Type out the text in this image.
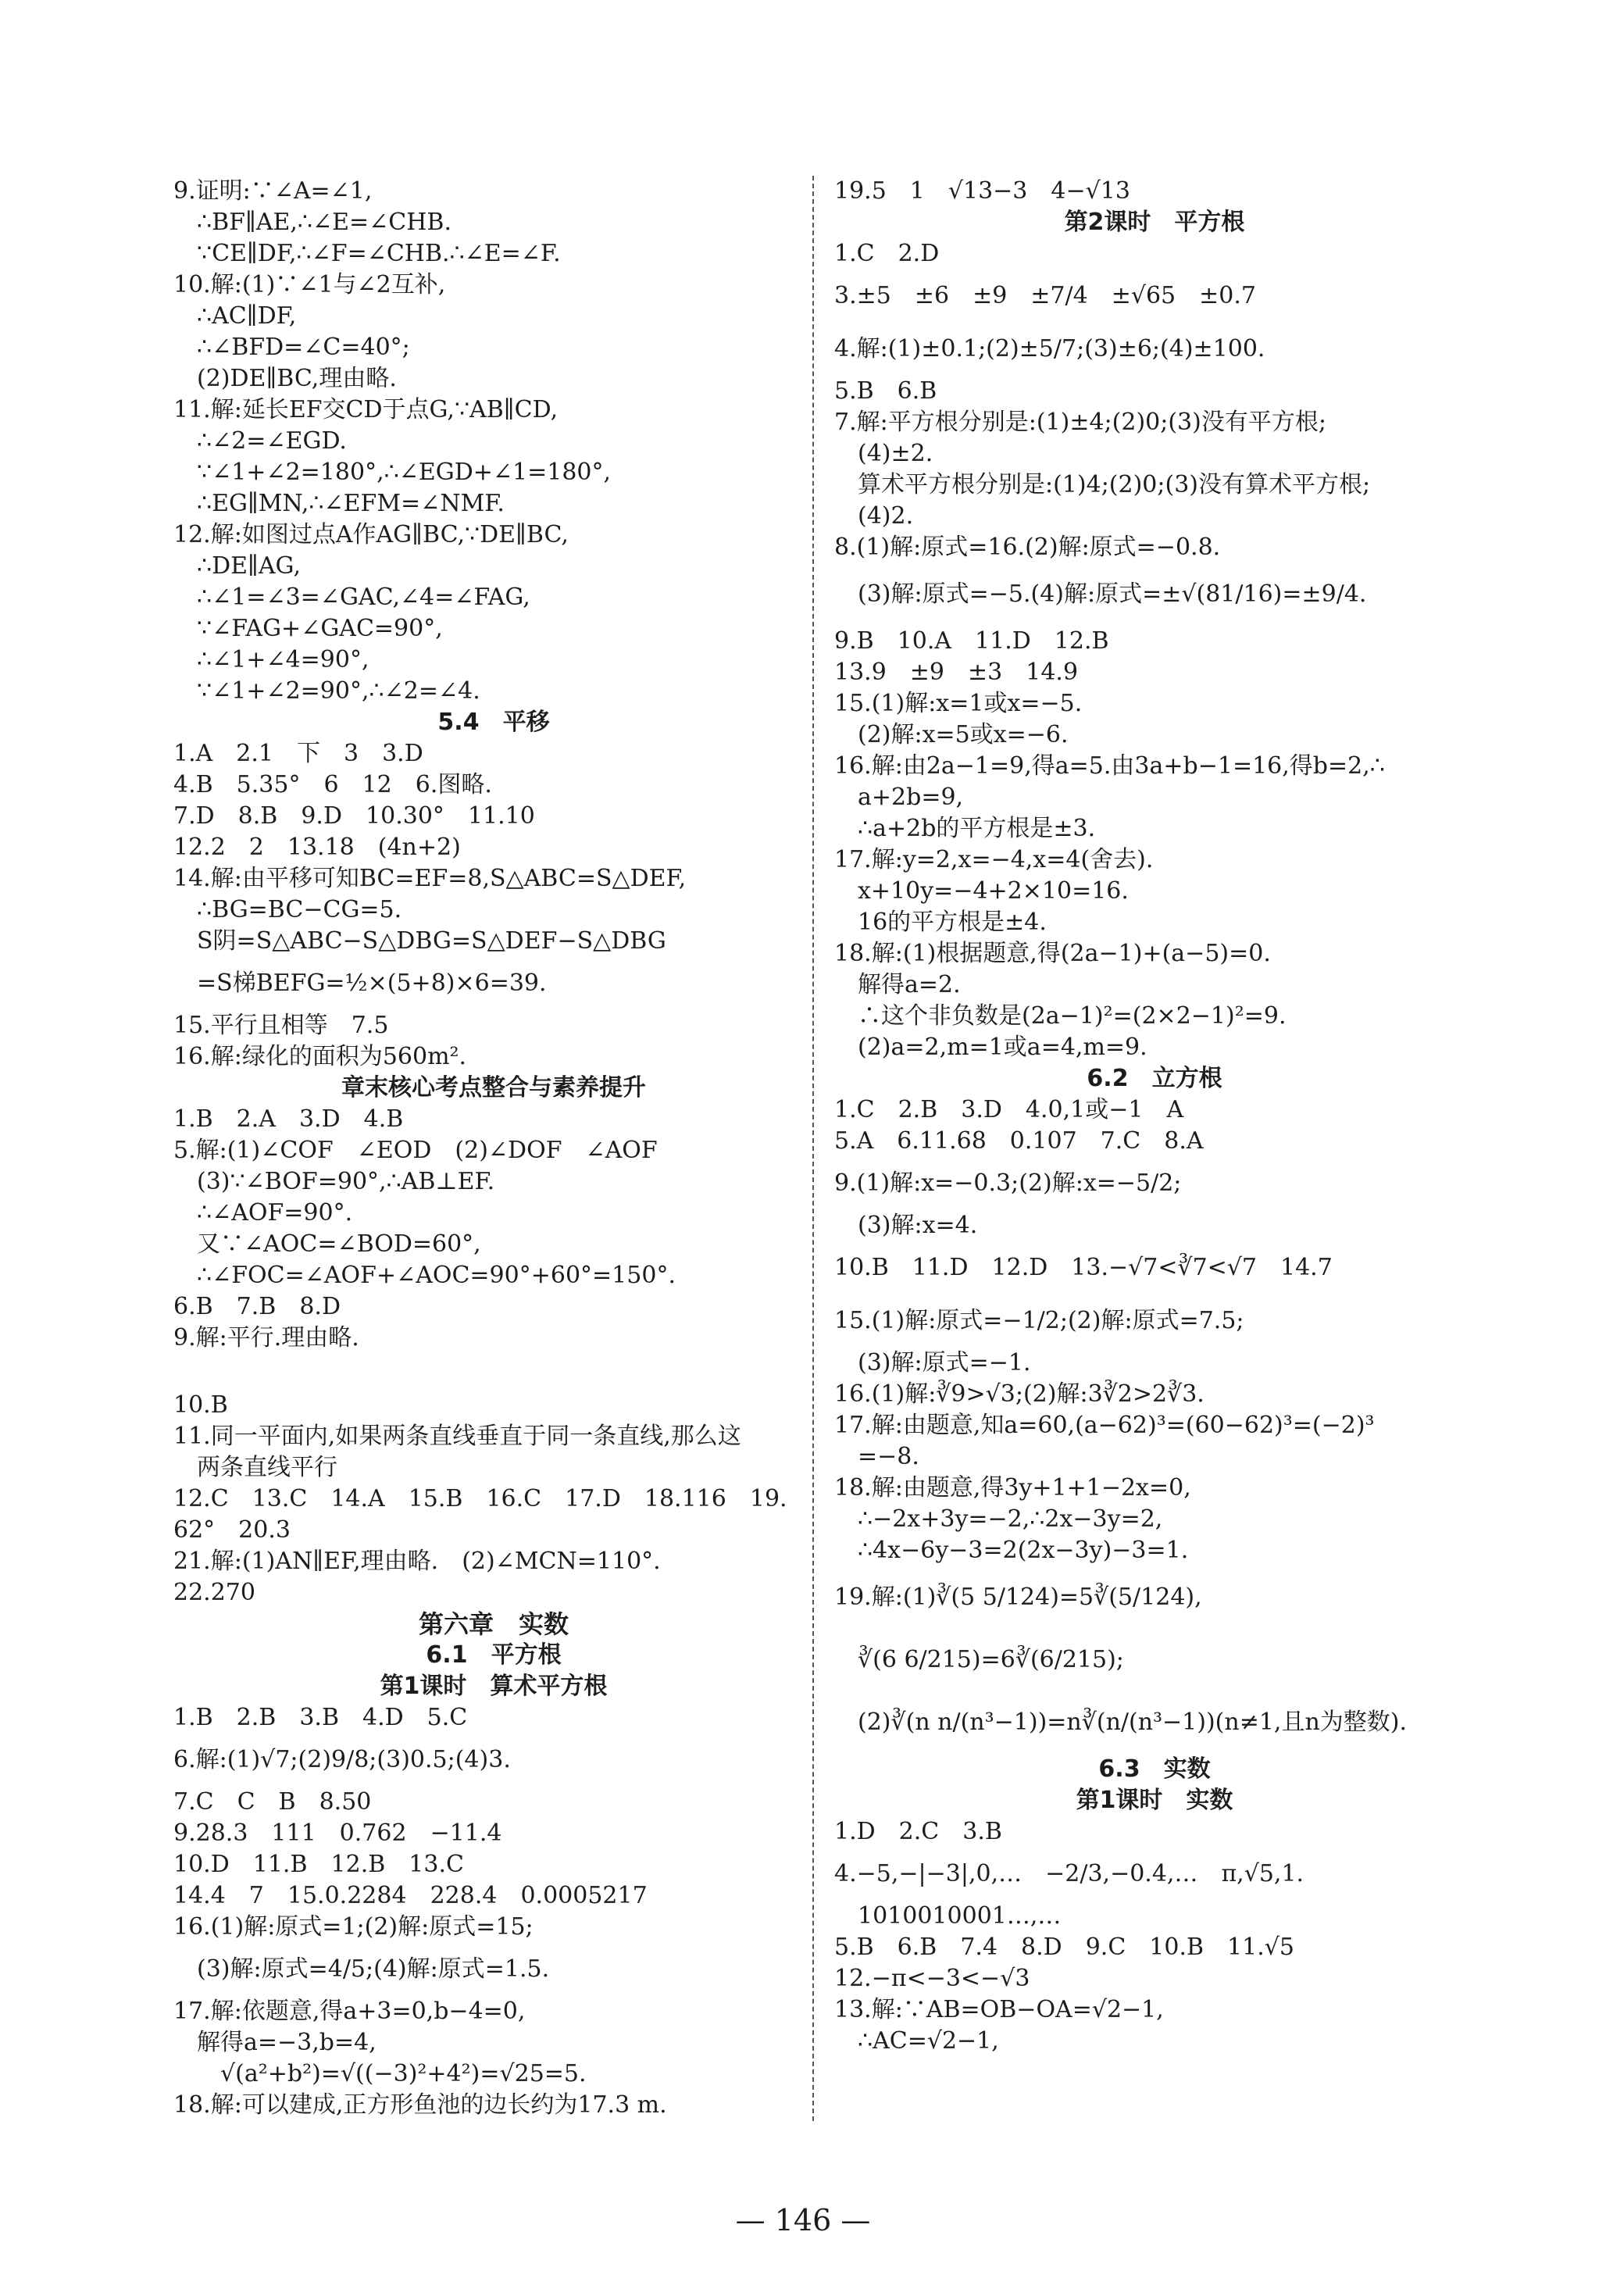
9.证明:∵∠A=∠1,
∴BF∥AE,∴∠E=∠CHB.
∵CE∥DF,∴∠F=∠CHB.∴∠E=∠F.
10.解:(1)∵∠1与∠2互补,
∴AC∥DF,
∴∠BFD=∠C=40°;
(2)DE∥BC,理由略.
11.解:延长EF交CD于点G,∵AB∥CD,
∴∠2=∠EGD.
∵∠1+∠2=180°,∴∠EGD+∠1=180°,
∴EG∥MN,∴∠EFM=∠NMF.
12.解:如图过点A作AG∥BC,∵DE∥BC,
∴DE∥AG,
∴∠1=∠3=∠GAC,∠4=∠FAG,
∵∠FAG+∠GAC=90°,
∴∠1+∠4=90°,
∵∠1+∠2=90°,∴∠2=∠4.
5.4　平移
1.A　2.1　下　3　3.D
4.B　5.35°　6　12　6.图略.
7.D　8.B　9.D　10.30°　11.10
12.2　2　13.18　(4n+2)
14.解:由平移可知BC=EF=8,S△ABC=S△DEF,
∴BG=BC−CG=5.
S阴=S△ABC−S△DBG=S△DEF−S△DBG
=S梯BEFG=½×(5+8)×6=39.
15.平行且相等　7.5
16.解:绿化的面积为560m².
章末核心考点整合与素养提升
1.B　2.A　3.D　4.B
5.解:(1)∠COF　∠EOD　(2)∠DOF　∠AOF
(3)∵∠BOF=90°,∴AB⊥EF.
∴∠AOF=90°.
又∵∠AOC=∠BOD=60°,
∴∠FOC=∠AOF+∠AOC=90°+60°=150°.
6.B　7.B　8.D
9.解:平行.理由略.
10.B
11.同一平面内,如果两条直线垂直于同一条直线,那么这
两条直线平行
12.C　13.C　14.A　15.B　16.C　17.D　18.116　19.
62°　20.3
21.解:(1)AN∥EF,理由略.　(2)∠MCN=110°.
22.270
第六章　实数
6.1　平方根
第1课时　算术平方根
1.B　2.B　3.B　4.D　5.C
6.解:(1)√7;(2)9/8;(3)0.5;(4)3.
7.C　C　B　8.50
9.28.3　111　0.762　−11.4
10.D　11.B　12.B　13.C
14.4　7　15.0.2284　228.4　0.0005217
16.(1)解:原式=1;(2)解:原式=15;
(3)解:原式=4/5;(4)解:原式=1.5.
17.解:依题意,得a+3=0,b−4=0,
解得a=−3,b=4,
√(a²+b²)=√((−3)²+4²)=√25=5.
18.解:可以建成,正方形鱼池的边长约为17.3 m.
19.5　1　√13−3　4−√13
第2课时　平方根
1.C　2.D
3.±5　±6　±9　±7/4　±√65　±0.7
4.解:(1)±0.1;(2)±5/7;(3)±6;(4)±100.
5.B　6.B
7.解:平方根分别是:(1)±4;(2)0;(3)没有平方根;
(4)±2.
算术平方根分别是:(1)4;(2)0;(3)没有算术平方根;
(4)2.
8.(1)解:原式=16.(2)解:原式=−0.8.
(3)解:原式=−5.(4)解:原式=±√(81/16)=±9/4.
9.B　10.A　11.D　12.B
13.9　±9　±3　14.9
15.(1)解:x=1或x=−5.
(2)解:x=5或x=−6.
16.解:由2a−1=9,得a=5.由3a+b−1=16,得b=2,∴
a+2b=9,
∴a+2b的平方根是±3.
17.解:y=2,x=−4,x=4(舍去).
x+10y=−4+2×10=16.
16的平方根是±4.
18.解:(1)根据题意,得(2a−1)+(a−5)=0.
解得a=2.
∴这个非负数是(2a−1)²=(2×2−1)²=9.
(2)a=2,m=1或a=4,m=9.
6.2　立方根
1.C　2.B　3.D　4.0,1或−1　A
5.A　6.11.68　0.107　7.C　8.A
9.(1)解:x=−0.3;(2)解:x=−5/2;
(3)解:x=4.
10.B　11.D　12.D　13.−√7<∛7<√7　14.7
15.(1)解:原式=−1/2;(2)解:原式=7.5;
(3)解:原式=−1.
16.(1)解:∛9>√3;(2)解:3∛2>2∛3.
17.解:由题意,知a=60,(a−62)³=(60−62)³=(−2)³
=−8.
18.解:由题意,得3y+1+1−2x=0,
∴−2x+3y=−2,∴2x−3y=2,
∴4x−6y−3=2(2x−3y)−3=1.
19.解:(1)∛(5 5/124)=5∛(5/124),
∛(6 6/215)=6∛(6/215);
(2)∛(n n/(n³−1))=n∛(n/(n³−1))(n≠1,且n为整数).
6.3　实数
第1课时　实数
1.D　2.C　3.B
4.−5,−|−3|,0,…　−2/3,−0.4,…　π,√5,1.
1010010001…,…
5.B　6.B　7.4　8.D　9.C　10.B　11.√5
12.−π<−3<−√3
13.解:∵AB=OB−OA=√2−1,
∴AC=√2−1,
— 146 —
